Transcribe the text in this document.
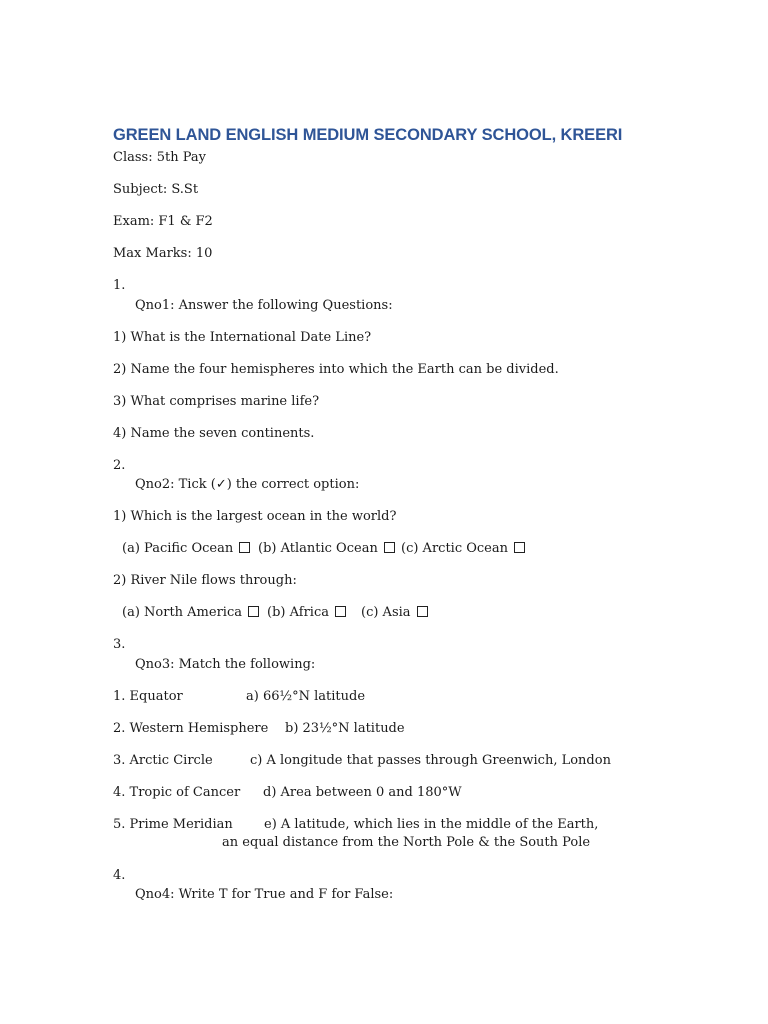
GREEN LAND ENGLISH MEDIUM SECONDARY SCHOOL, KREERI
Class: 5th Pay
Subject: S.St
Exam: F1 & F2
Max Marks: 10
1.
Qno1: Answer the following Questions:
1) What is the International Date Line?
2) Name the four hemispheres into which the Earth can be divided.
3) What comprises marine life?
4) Name the seven continents.
2.
Qno2: Tick (✓) the correct option:
1) Which is the largest ocean in the world?
(a) Pacific Ocean	(b) Atlantic Ocean	(c) Arctic Ocean
2) River Nile flows through:
(a) North America	(b) Africa	(c) Asia
3.
Qno3: Match the following:
1. Equator	a) 66½°N latitude
2. Western Hemisphere b) 23½°N latitude
3. Arctic Circle	c) A longitude that passes through Greenwich, London
4. Tropic of Cancer d) Area between 0 and 180°W
5. Prime Meridian e) A latitude, which lies in the middle of the Earth,
an equal distance from the North Pole & the South Pole
4.
Qno4: Write T for True and F for False:
